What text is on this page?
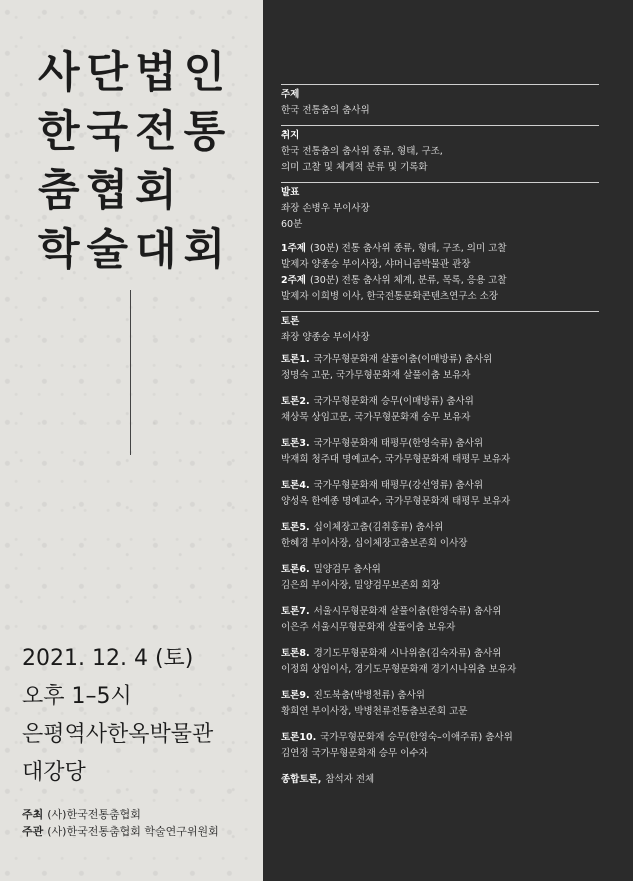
사단법인
한국전통
춤협회
학술대회
2021. 12. 4 (토)
오후 1–5시
은평역사한옥박물관
대강당
주최 (사)한국전통춤협회
주관 (사)한국전통춤협회 학술연구위원회
주제
한국 전통춤의 춤사위
취지
한국 전통춤의 춤사위 종류, 형태, 구조,
의미 고찰 및 체계적 분류 및 기록화
발표
좌장 손병우 부이사장
60분
1주제 (30분) 전통 춤사위 종류, 형태, 구조, 의미 고찰
발제자 양종승 부이사장, 샤머니즘박물관 관장
2주제 (30분) 전통 춤사위 체계, 분류, 목록, 응용 고찰
발제자 이희병 이사, 한국전통문화콘텐츠연구소 소장
토론
좌장 양종승 부이사장
토론1. 국가무형문화재 살풀이춤(이매방류) 춤사위
정명숙 고문, 국가무형문화재 살풀이춤 보유자
토론2. 국가무형문화재 승무(이매방류) 춤사위
채상묵 상임고문, 국가무형문화재 승무 보유자
토론3. 국가무형문화재 태평무(한영숙류) 춤사위
박재희 청주대 명예교수, 국가무형문화재 태평무 보유자
토론4. 국가무형문화재 태평무(강선영류) 춤사위
양성옥 한예종 명예교수, 국가무형문화재 태평무 보유자
토론5. 십이체장고춤(김취홍류) 춤사위
한혜경 부이사장, 십이체장고춤보존회 이사장
토론6. 밀양검무 춤사위
김은희 부이사장, 밀양검무보존회 회장
토론7. 서울시무형문화재 살풀이춤(한영숙류) 춤사위
이은주 서울시무형문화재 살풀이춤 보유자
토론8. 경기도무형문화재 시나위춤(김숙자류) 춤사위
이정희 상임이사, 경기도무형문화재 경기시나위춤 보유자
토론9. 진도북춤(박병천류) 춤사위
황희연 부이사장, 박병천류전통춤보존회 고문
토론10. 국가무형문화재 승무(한영숙–이애주류) 춤사위
김연정 국가무형문화재 승무 이수자
종합토론, 참석자 전체
